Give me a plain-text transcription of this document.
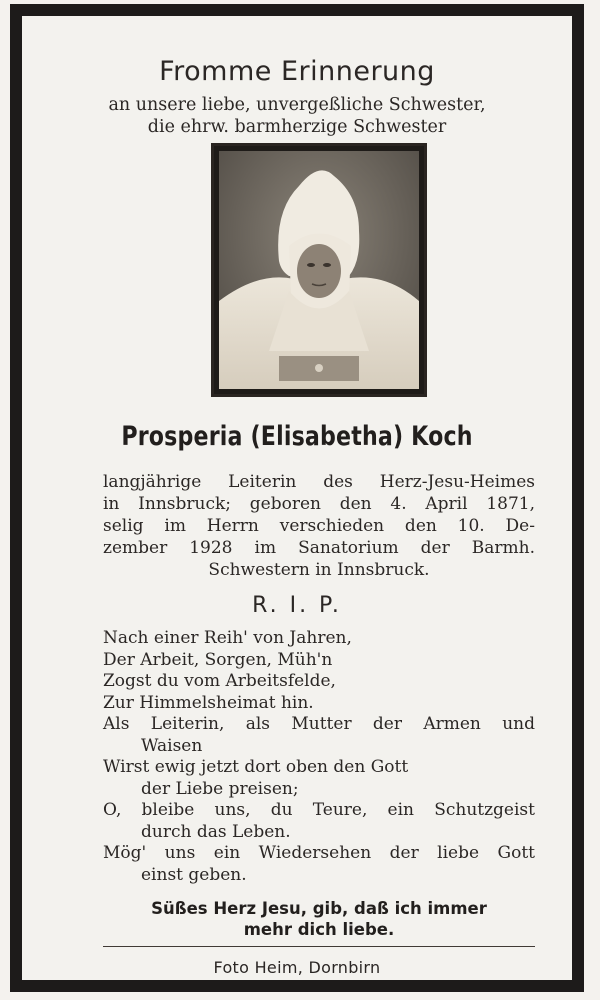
Fromme Erinnerung
an unsere liebe, unvergeßliche Schwester,
die ehrw. barmherzige Schwester
Prosperia (Elisabetha) Koch
langjährige Leiterin des Herz-Jesu-Heimes
in Innsbruck; geboren den 4. April 1871,
selig im Herrn verschieden den 10. De-
zember 1928 im Sanatorium der Barmh.
Schwestern in Innsbruck.
R. I. P.
Nach einer Reih' von Jahren,
Der Arbeit, Sorgen, Müh'n
Zogst du vom Arbeitsfelde,
Zur Himmelsheimat hin.
Als Leiterin, als Mutter der Armen und
Waisen
Wirst ewig jetzt dort oben den Gott
der Liebe preisen;
O, bleibe uns, du Teure, ein Schutzgeist
durch das Leben.
Mög' uns ein Wiedersehen der liebe Gott
einst geben.
Süßes Herz Jesu, gib, daß ich immer
mehr dich liebe.
Foto Heim, Dornbirn
